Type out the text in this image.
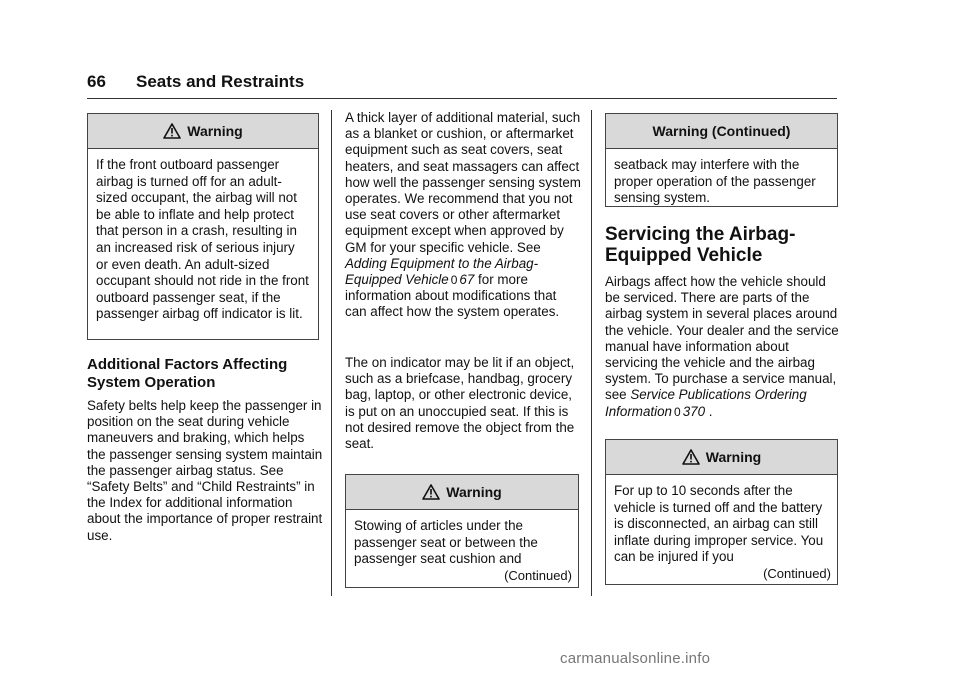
66 Seats and Restraints
Warning
If the front outboard passenger airbag is turned off for an adult-sized occupant, the airbag will not be able to inflate and help protect that person in a crash, resulting in an increased risk of serious injury or even death. An adult-sized occupant should not ride in the front outboard passenger seat, if the passenger airbag off indicator is lit.
Additional Factors Affecting System Operation

Safety belts help keep the passenger in position on the seat during vehicle maneuvers and braking, which helps the passenger sensing system maintain the passenger airbag status. See “Safety Belts” and “Child Restraints” in the Index for additional information about the importance of proper restraint use.

A thick layer of additional material, such as a blanket or cushion, or aftermarket equipment such as seat covers, seat heaters, and seat massagers can affect how well the passenger sensing system operates. We recommend that you not use seat covers or other aftermarket equipment except when approved by GM for your specific vehicle. See Adding Equipment to the Airbag-Equipped Vehicle 0 67 for more information about modifications that can affect how the system operates.

The on indicator may be lit if an object, such as a briefcase, handbag, grocery bag, laptop, or other electronic device, is put on an unoccupied seat. If this is not desired remove the object from the seat.

Warning
Stowing of articles under the passenger seat or between the passenger seat cushion and
(Continued)
Warning (Continued)
seatback may interfere with the proper operation of the passenger sensing system.
Servicing the Airbag-Equipped Vehicle

Airbags affect how the vehicle should be serviced. There are parts of the airbag system in several places around the vehicle. Your dealer and the service manual have information about servicing the vehicle and the airbag system. To purchase a service manual, see Service Publications Ordering Information 0 370 .

Warning
For up to 10 seconds after the vehicle is turned off and the battery is disconnected, an airbag can still inflate during improper service. You can be injured if you
(Continued)
carmanualsonline.info
